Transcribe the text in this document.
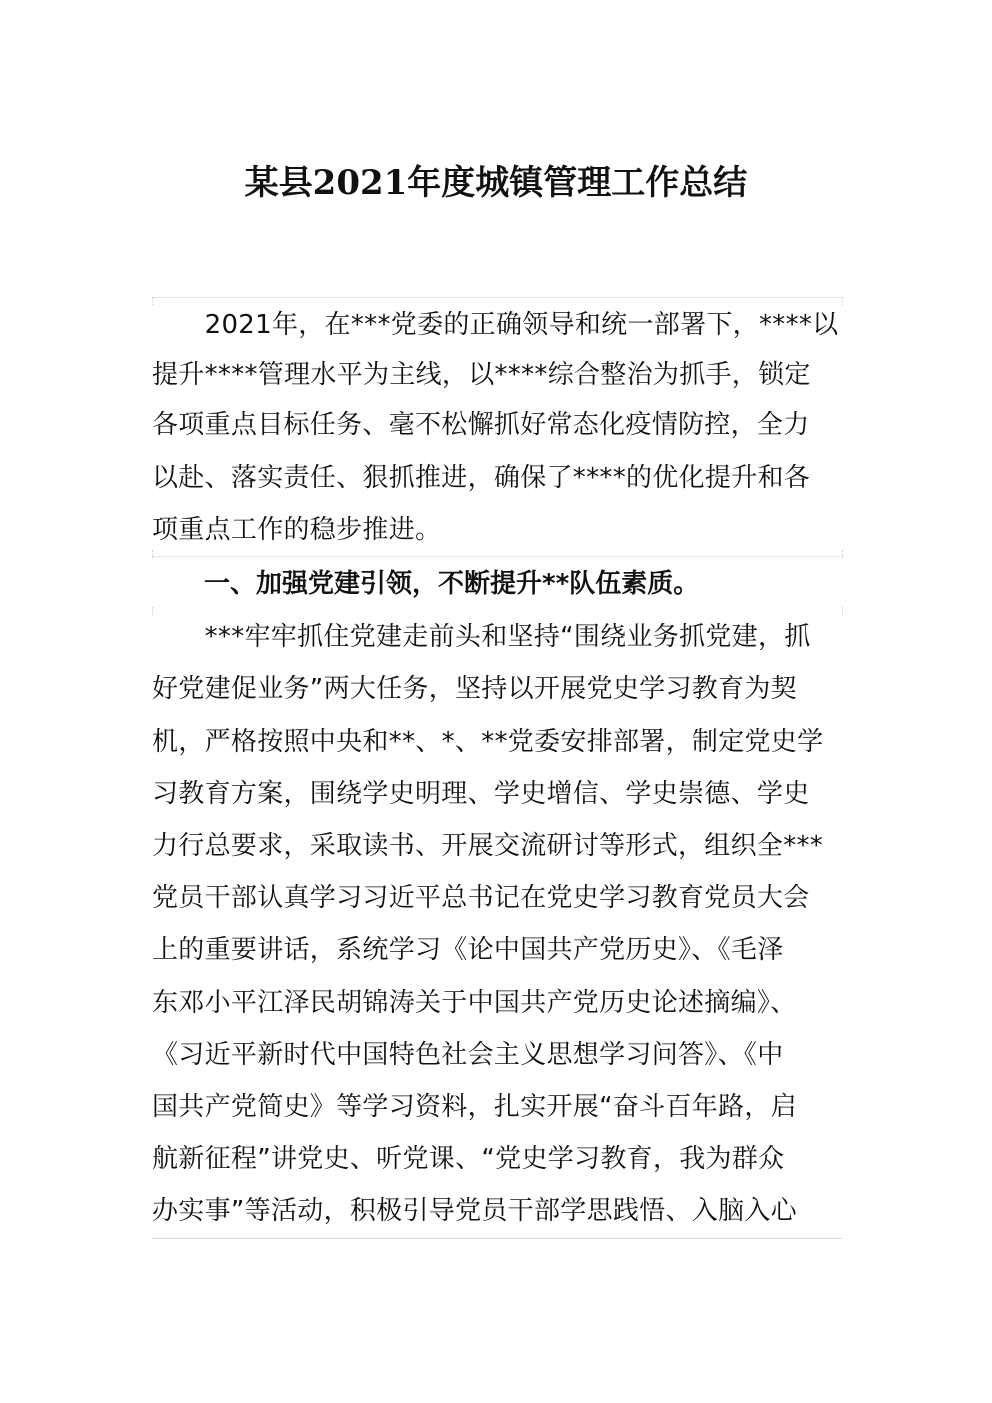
某县2021年度城镇管理工作总结

　　2021年，在***党委的正确领导和统一部署下，****以

提升****管理水平为主线，以****综合整治为抓手，锁定

各项重点目标任务、毫不松懈抓好常态化疫情防控，全力

以赴、落实责任、狠抓推进，确保了****的优化提升和各

项重点工作的稳步推进。

　　一、加强党建引领，不断提升**队伍素质。

　　***牢牢抓住党建走前头和坚持“围绕业务抓党建，抓

好党建促业务”两大任务，坚持以开展党史学习教育为契

机，严格按照中央和**、*、**党委安排部署，制定党史学

习教育方案，围绕学史明理、学史增信、学史崇德、学史

力行总要求，采取读书、开展交流研讨等形式，组织全***

党员干部认真学习习近平总书记在党史学习教育党员大会

上的重要讲话，系统学习《论中国共产党历史》、《毛泽

东邓小平江泽民胡锦涛关于中国共产党历史论述摘编》、

《习近平新时代中国特色社会主义思想学习问答》、《中

国共产党简史》等学习资料，扎实开展“奋斗百年路，启

航新征程”讲党史、听党课、“党史学习教育，我为群众

办实事”等活动，积极引导党员干部学思践悟、入脑入心
